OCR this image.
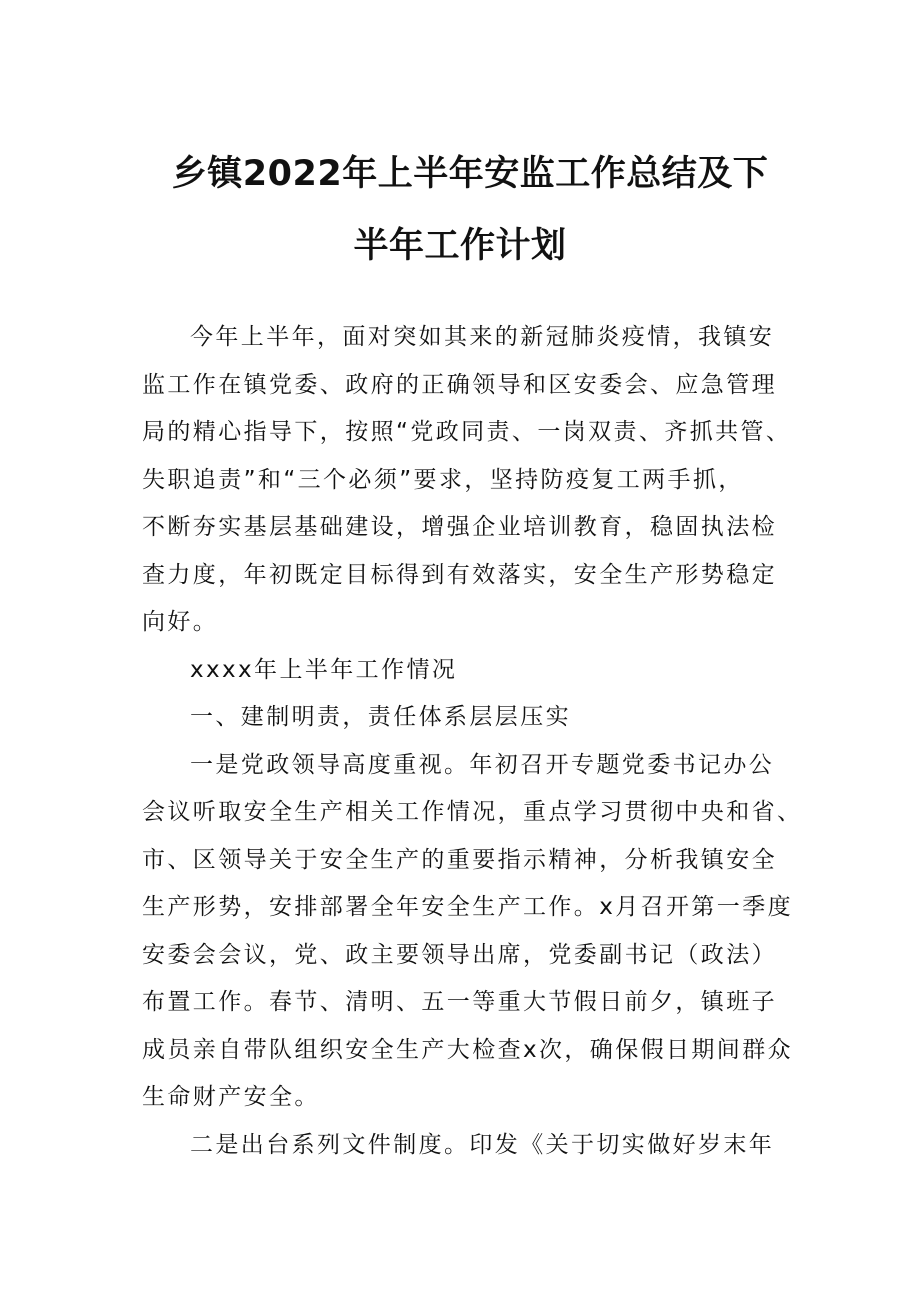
乡镇2022年上半年安监工作总结及下
半年工作计划
今年上半年，面对突如其来的新冠肺炎疫情，我镇安
监工作在镇党委、政府的正确领导和区安委会、应急管理
局的精心指导下，按照“党政同责、一岗双责、齐抓共管、
失职追责”和“三个必须”要求，坚持防疫复工两手抓，
不断夯实基层基础建设，增强企业培训教育，稳固执法检
查力度，年初既定目标得到有效落实，安全生产形势稳定
向好。
xxxx年上半年工作情况
一、建制明责，责任体系层层压实
一是党政领导高度重视。年初召开专题党委书记办公
会议听取安全生产相关工作情况，重点学习贯彻中央和省、
市、区领导关于安全生产的重要指示精神，分析我镇安全
生产形势，安排部署全年安全生产工作。x月召开第一季度
安委会会议，党、政主要领导出席，党委副书记（政法）
布置工作。春节、清明、五一等重大节假日前夕，镇班子
成员亲自带队组织安全生产大检查x次，确保假日期间群众
生命财产安全。
二是出台系列文件制度。印发《关于切实做好岁末年
